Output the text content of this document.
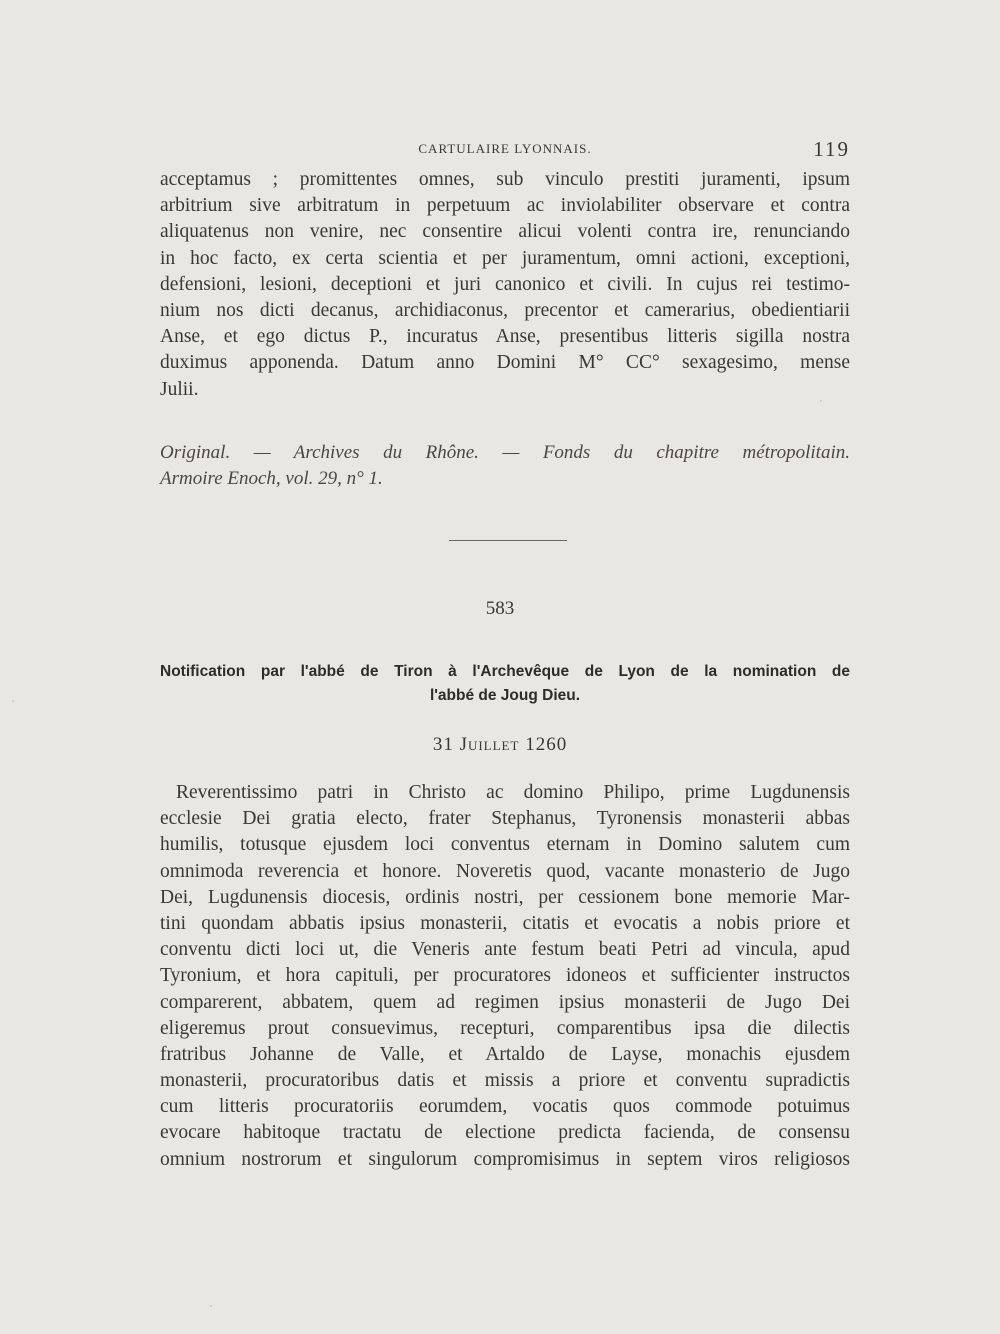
CARTULAIRE LYONNAIS.	119
acceptamus ; promittentes omnes, sub vinculo prestiti juramenti, ipsum
arbitrium sive arbitratum in perpetuum ac inviolabiliter observare et contra
aliquatenus non venire, nec consentire alicui volenti contra ire, renunciando
in hoc facto, ex certa scientia et per juramentum, omni actioni, exceptioni,
defensioni, lesioni, deceptioni et juri canonico et civili. In cujus rei testimo-
nium nos dicti decanus, archidiaconus, precentor et camerarius, obedientiarii
Anse, et ego dictus P., incuratus Anse, presentibus litteris sigilla nostra
duximus apponenda. Datum anno Domini M° CC° sexagesimo, mense
Julii.
Original. — Archives du Rhône. — Fonds du chapitre métropolitain.
Armoire Enoch, vol. 29, n° 1.
583
Notification par l'abbé de Tiron à l'Archevêque de Lyon de la nomination de
l'abbé de Joug Dieu.
31 Juillet 1260
Reverentissimo patri in Christo ac domino Philipo, prime Lugdunensis
ecclesie Dei gratia electo, frater Stephanus, Tyronensis monasterii abbas
humilis, totusque ejusdem loci conventus eternam in Domino salutem cum
omnimoda reverencia et honore. Noveretis quod, vacante monasterio de Jugo
Dei, Lugdunensis diocesis, ordinis nostri, per cessionem bone memorie Mar-
tini quondam abbatis ipsius monasterii, citatis et evocatis a nobis priore et
conventu dicti loci ut, die Veneris ante festum beati Petri ad vincula, apud
Tyronium, et hora capituli, per procuratores idoneos et sufficienter instructos
comparerent, abbatem, quem ad regimen ipsius monasterii de Jugo Dei
eligeremus prout consuevimus, recepturi, comparentibus ipsa die dilectis
fratribus Johanne de Valle, et Artaldo de Layse, monachis ejusdem
monasterii, procuratoribus datis et missis a priore et conventu supradictis
cum litteris procuratoriis eorumdem, vocatis quos commode potuimus
evocare habitoque tractatu de electione predicta facienda, de consensu
omnium nostrorum et singulorum compromisimus in septem viros religiosos
